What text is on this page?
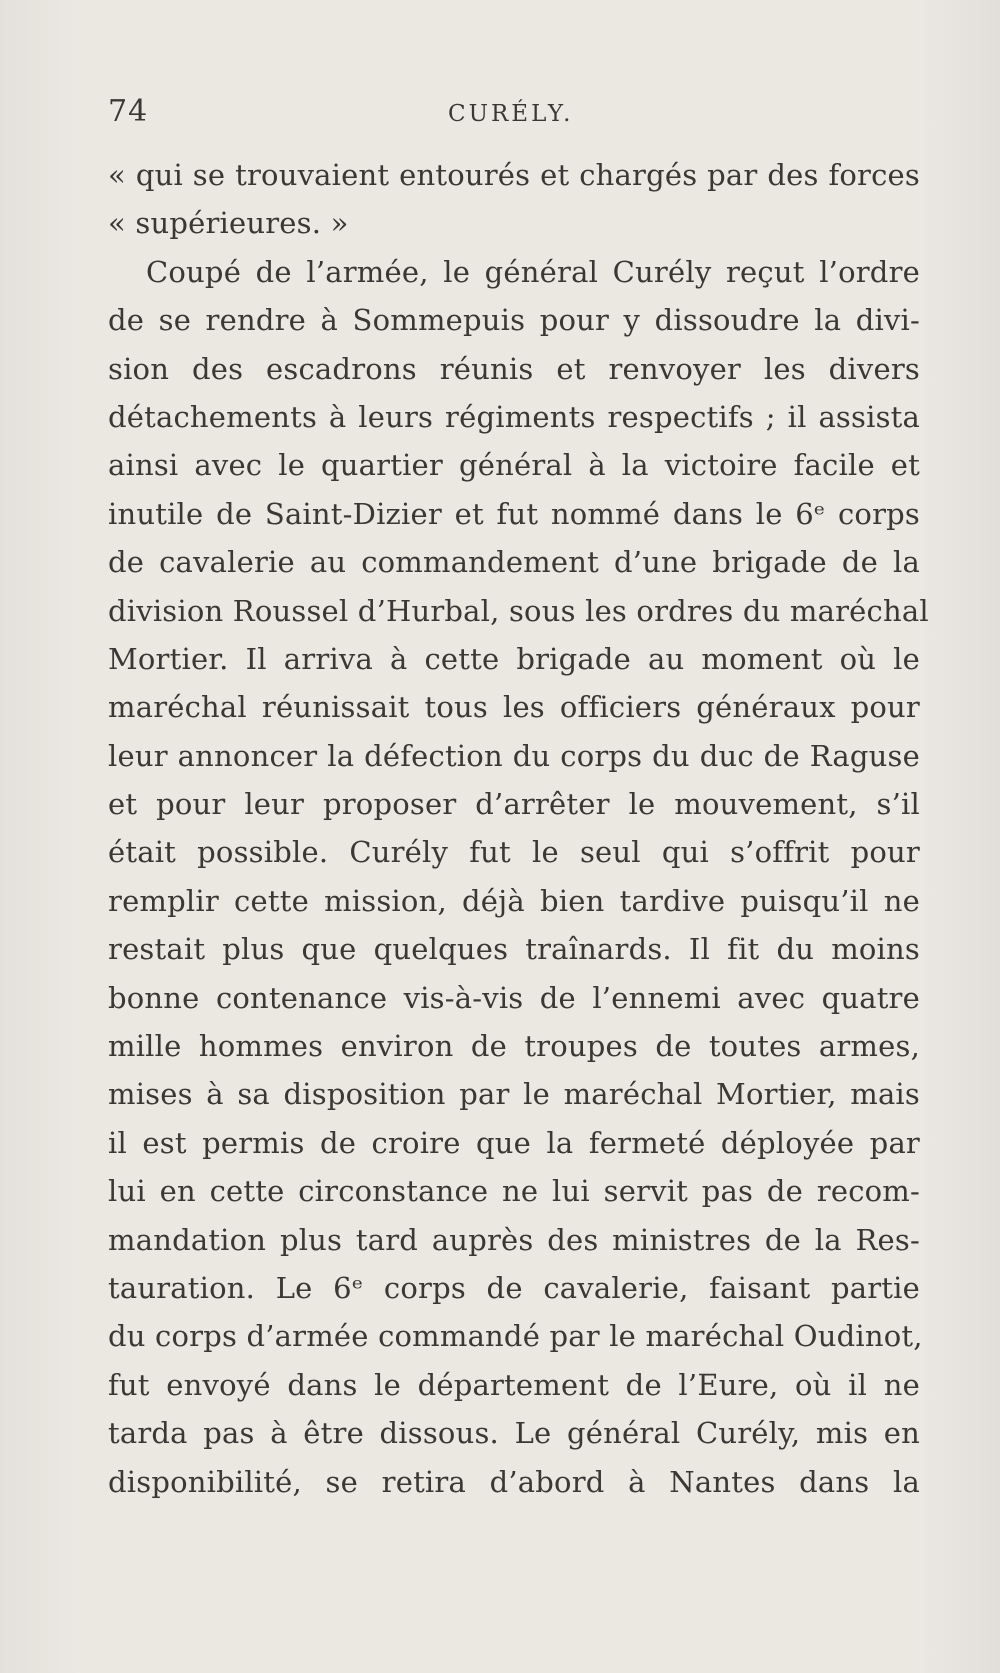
74	CURÉLY.
« qui se trouvaient entourés et chargés par des forces
« supérieures. »
Coupé de l’armée, le général Curély reçut l’ordre
de se rendre à Sommepuis pour y dissoudre la divi-
sion des escadrons réunis et renvoyer les divers
détachements à leurs régiments respectifs ; il assista
ainsi avec le quartier général à la victoire facile et
inutile de Saint-Dizier et fut nommé dans le 6ᵉ corps
de cavalerie au commandement d’une brigade de la
division Roussel d’Hurbal, sous les ordres du maréchal
Mortier. Il arriva à cette brigade au moment où le
maréchal réunissait tous les officiers généraux pour
leur annoncer la défection du corps du duc de Raguse
et pour leur proposer d’arrêter le mouvement, s’il
était possible. Curély fut le seul qui s’offrit pour
remplir cette mission, déjà bien tardive puisqu’il ne
restait plus que quelques traînards. Il fit du moins
bonne contenance vis-à-vis de l’ennemi avec quatre
mille hommes environ de troupes de toutes armes,
mises à sa disposition par le maréchal Mortier, mais
il est permis de croire que la fermeté déployée par
lui en cette circonstance ne lui servit pas de recom-
mandation plus tard auprès des ministres de la Res-
tauration. Le 6ᵉ corps de cavalerie, faisant partie
du corps d’armée commandé par le maréchal Oudinot,
fut envoyé dans le département de l’Eure, où il ne
tarda pas à être dissous. Le général Curély, mis en
disponibilité, se retira d’abord à Nantes dans la
